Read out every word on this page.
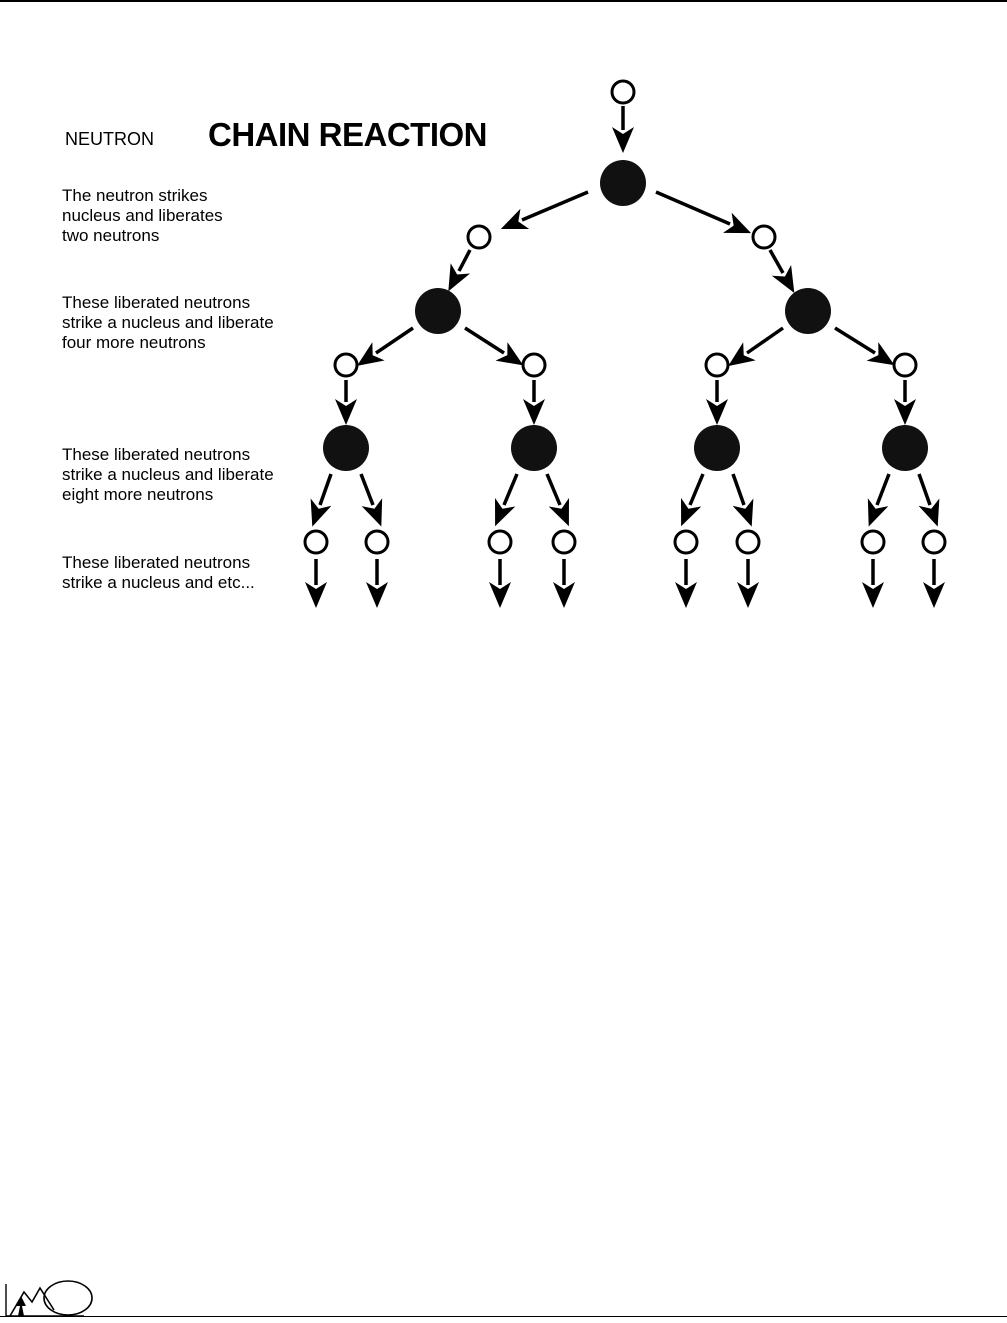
NEUTRON CHAIN REACTION
The neutron strikes
nucleus and liberates
two neutrons
These liberated neutrons
strike a nucleus and liberate
four more neutrons
These liberated neutrons
strike a nucleus and liberate
eight more neutrons
These liberated neutrons
strike a nucleus and etc...
